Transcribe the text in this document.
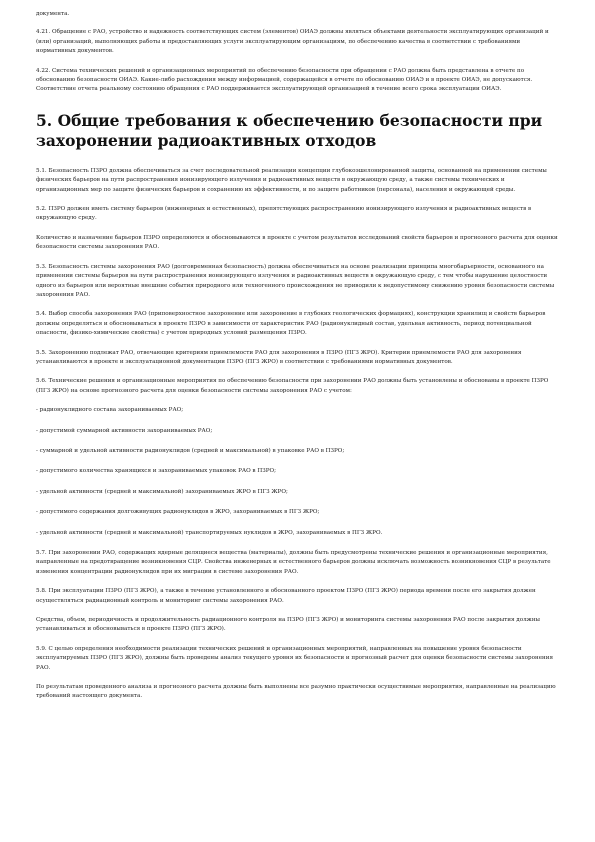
документа.

4.21. Обращение с РАО, устройство и надежность соответствующих систем (элементов) ОИАЭ должны являться объектами деятельности эксплуатирующих организаций и (или) организаций, выполняющих работы и предоставляющих услуги эксплуатирующим организациям, по обеспечению качества в соответствии с требованиями нормативных документов.

4.22. Система технических решений и организационных мероприятий по обеспечению безопасности при обращении с РАО должна быть представлена в отчете по обоснованию безопасности ОИАЭ. Какие-либо расхождения между информацией, содержащейся в отчете по обоснованию ОИАЭ и в проекте ОИАЭ, не допускаются. Соответствие отчета реальному состоянию обращения с РАО поддерживается эксплуатирующей организацией в течение всего срока эксплуатации ОИАЭ.

5. Общие требования к обеспечению безопасности при захоронении радиоактивных отходов

5.1. Безопасность ПЗРО должна обеспечиваться за счет последовательной реализации концепции глубокоэшелонированной защиты, основанной на применении системы физических барьеров на пути распространения ионизирующего излучения и радиоактивных веществ в окружающую среду, а также системы технических и организационных мер по защите физических барьеров и сохранению их эффективности, и по защите работников (персонала), населения и окружающей среды.

5.2. ПЗРО должен иметь систему барьеров (инженерных и естественных), препятствующих распространению ионизирующего излучения и радиоактивных веществ в окружающую среду.

Количество и назначение барьеров ПЗРО определяются и обосновываются в проекте с учетом результатов исследований свойств барьеров и прогнозного расчета для оценки безопасности системы захоронения РАО.

5.3. Безопасность системы захоронения РАО (долговременная безопасность) должна обеспечиваться на основе реализации принципа многобарьерности, основанного на применении системы барьеров на пути распространения ионизирующего излучения и радиоактивных веществ в окружающую среду, с тем чтобы нарушение целостности одного из барьеров или вероятные внешние события природного или техногенного происхождения не приводили к недопустимому снижению уровня безопасности системы захоронения РАО.

5.4. Выбор способа захоронения РАО (приповерхностное захоронение или захоронение в глубоких геологических формациях), конструкции хранилищ и свойств барьеров должны определяться и обосновываться в проекте ПЗРО в зависимости от характеристик РАО (радионуклидный состав, удельная активность, период потенциальной опасности, физико-химические свойства) с учетом природных условий размещения ПЗРО.

5.5. Захоронению подлежат РАО, отвечающие критериям приемлемости РАО для захоронения в ПЗРО (ПГЗ ЖРО). Критерии приемлемости РАО для захоронения устанавливаются в проекте и эксплуатационной документации ПЗРО (ПГЗ ЖРО) в соответствии с требованиями нормативных документов.

5.6. Технические решения и организационные мероприятия по обеспечению безопасности при захоронении РАО должны быть установлены и обоснованы в проекте ПЗРО (ПГЗ ЖРО) на основе прогнозного расчета для оценки безопасности системы захоронения РАО с учетом:

- радионуклидного состава захораниваемых РАО;

- допустимой суммарной активности захораниваемых РАО;

- суммарной и удельной активности радионуклидов (средней и максимальной) в упаковке РАО в ПЗРО;

- допустимого количества хранящихся и захораниваемых упаковок РАО в ПЗРО;

- удельной активности (средней и максимальной) захораниваемых ЖРО в ПГЗ ЖРО;

- допустимого содержания долгоживущих радионуклидов в ЖРО, захораниваемых в ПГЗ ЖРО;

- удельной активности (средней и максимальной) транспортируемых нуклидов в ЖРО, захораниваемых в ПГЗ ЖРО.

5.7. При захоронении РАО, содержащих ядерные делящиеся вещества (материалы), должны быть предусмотрены технические решения и организационные мероприятия, направленные на предотвращение возникновения СЦР. Свойства инженерных и естественного барьеров должны исключать возможность возникновения СЦР в результате изменения концентрации радионуклидов при их миграции в системе захоронения РАО.

5.8. При эксплуатации ПЗРО (ПГЗ ЖРО), а также в течение установленного и обоснованного проектом ПЗРО (ПГЗ ЖРО) периода времени после его закрытия должен осуществляться радиационный контроль и мониторинг системы захоронения РАО.

Средства, объем, периодичность и продолжительность радиационного контроля на ПЗРО (ПГЗ ЖРО) и мониторинга системы захоронения РАО после закрытия должны устанавливаться и обосновываться в проекте ПЗРО (ПГЗ ЖРО).

5.9. С целью определения необходимости реализации технических решений и организационных мероприятий, направленных на повышение уровня безопасности эксплуатируемых ПЗРО (ПГЗ ЖРО), должны быть проведены анализ текущего уровня их безопасности и прогнозный расчет для оценки безопасности системы захоронения РАО.

По результатам проведенного анализа и прогнозного расчета должны быть выполнены все разумно практически осуществимые мероприятия, направленные на реализацию требований настоящего документа.
